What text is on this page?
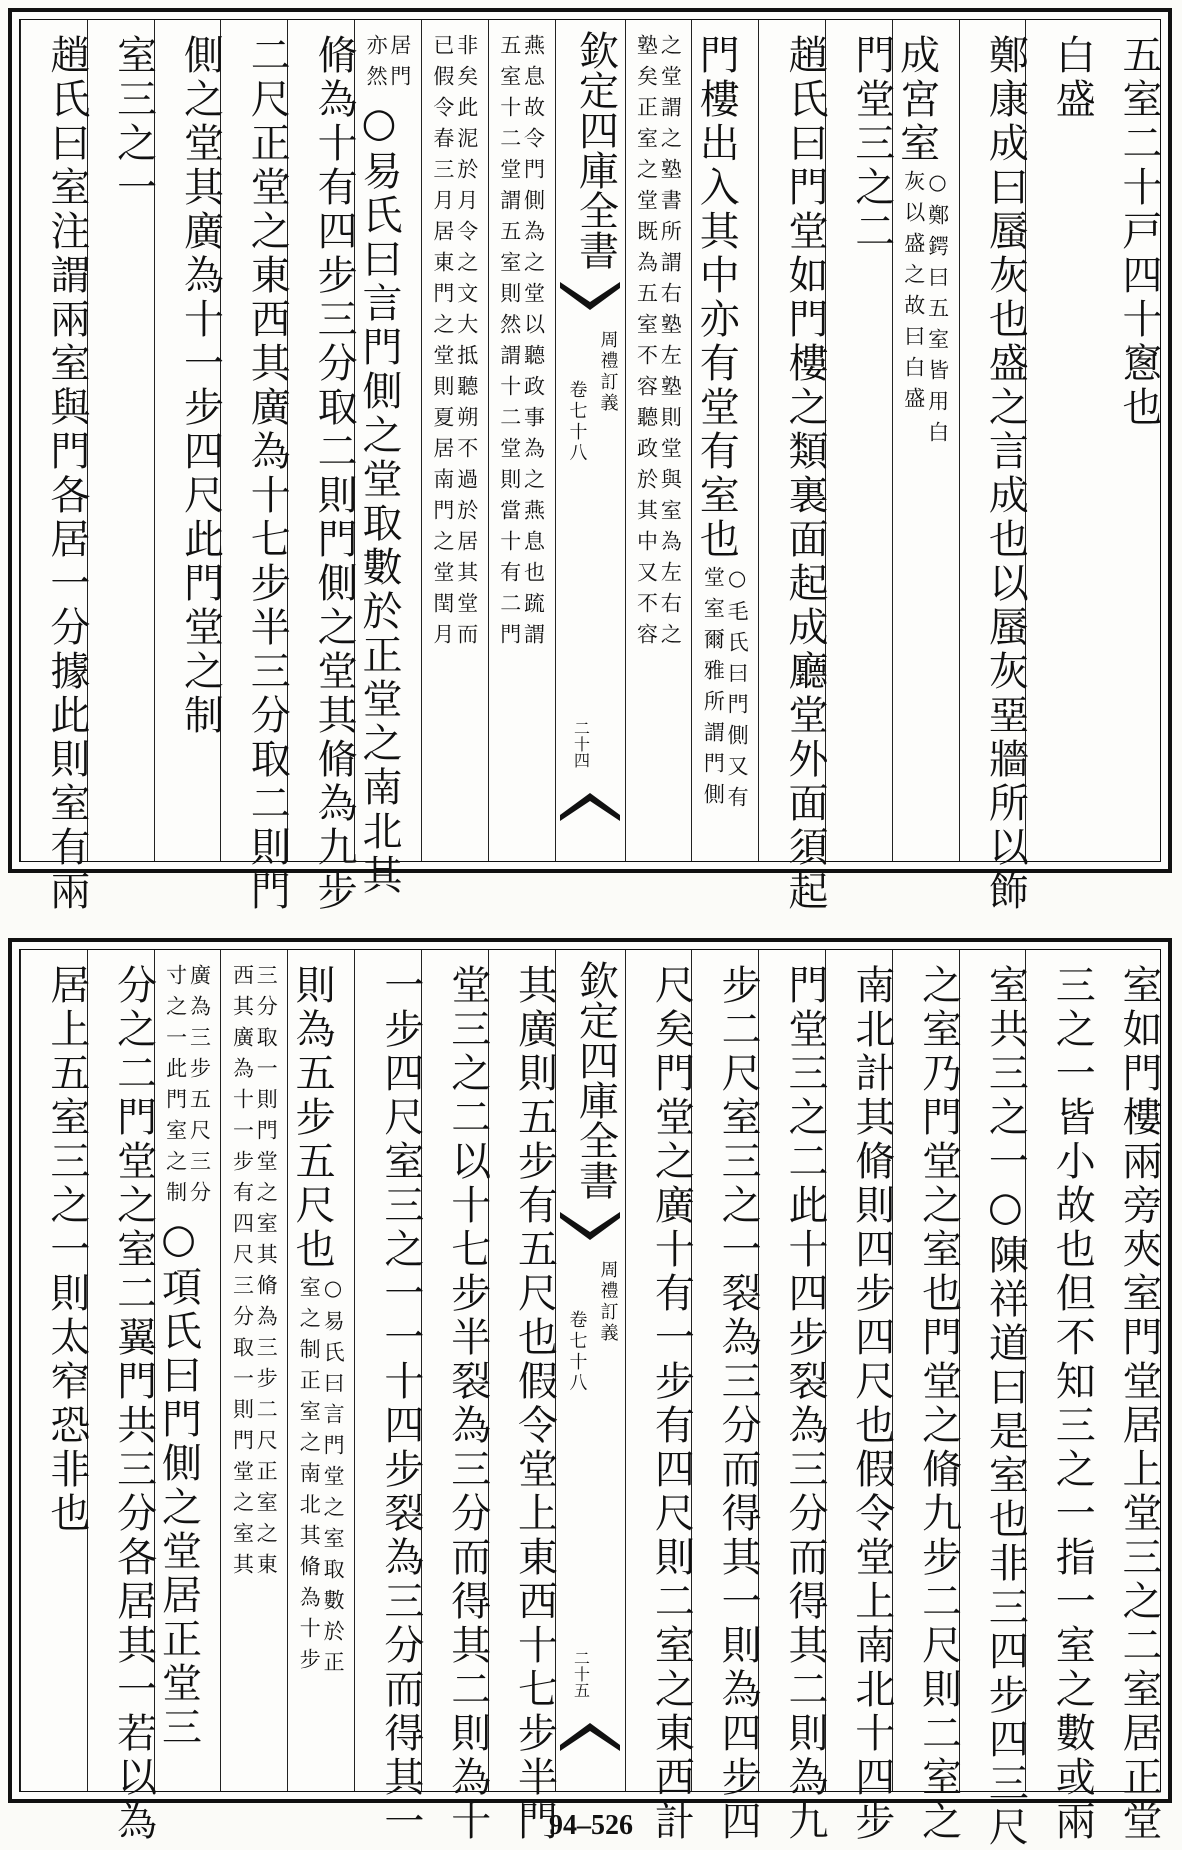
五室二十戸四十窻也
白盛
鄭康成曰蜃灰也盛之言成也以蜃灰堊牆所以飾
成宮室
○鄭鍔曰五室皆用白
灰以盛之故曰白盛
門堂三之二
趙氏曰門堂如門樓之類裏面起成廳堂外面須起
門樓出入其中亦有堂有室也
○毛氏曰門側又有
堂室爾雅所謂門側
之堂謂之塾書所謂右塾左塾則堂與室為左右之
塾矣正室之堂既為五室不容聽政於其中又不容
欽定四庫全書
周禮訂義
卷七十八
二十四
燕息故令門側為之堂以聽政事為之燕息也䟽謂
五室十二堂謂五室則然謂十二堂則當十有二門
非矣此泥於月令之文大抵聽朔不過於居其堂而
已假令春三月居東門之堂則夏居南門之堂閏月
○易氏曰言門側之堂取數於正堂之南北其
居門
亦然
脩為十有四步三分取二則門側之堂其脩為九步
二尺正堂之東西其廣為十七步半三分取二則門
側之堂其廣為十一步四尺此門堂之制
室三之一
趙氏曰室注謂兩室與門各居一分據此則室有兩
室如門樓兩旁夾室門堂居上堂三之二室居正堂
三之一皆小故也但不知三之一指一室之數或兩
室共三之一○陳祥道曰是室也非三四步四三尺
之室乃門堂之室也門堂之脩九步二尺則二室之
南北計其脩則四步四尺也假令堂上南北十四步
門堂三之二此十四步裂為三分而得其二則為九
步二尺室三之一裂為三分而得其一則為四步四
尺矣門堂之廣十有一步有四尺則二室之東西計
欽定四庫全書
周禮訂義
卷七十八
二十五
其廣則五步有五尺也假令堂上東西十七步半門
堂三之二以十七步半裂為三分而得其二則為十
一步四尺室三之一一十四步裂為三分而得其一
則為五步五尺也
○易氏曰言門堂之室取數於正
室之制正室之南北其脩為十步
三分取一則門堂之室其脩為三步二尺正室之東
西其廣為十一步有四尺三分取一則門堂之室其
○項氏曰門側之堂居正堂三
廣為三步五尺三分
寸之一此門室之制
分之二門堂之室二翼門共三分各居其一若以為
居上五室三之一則太窄恐非也
94–526
